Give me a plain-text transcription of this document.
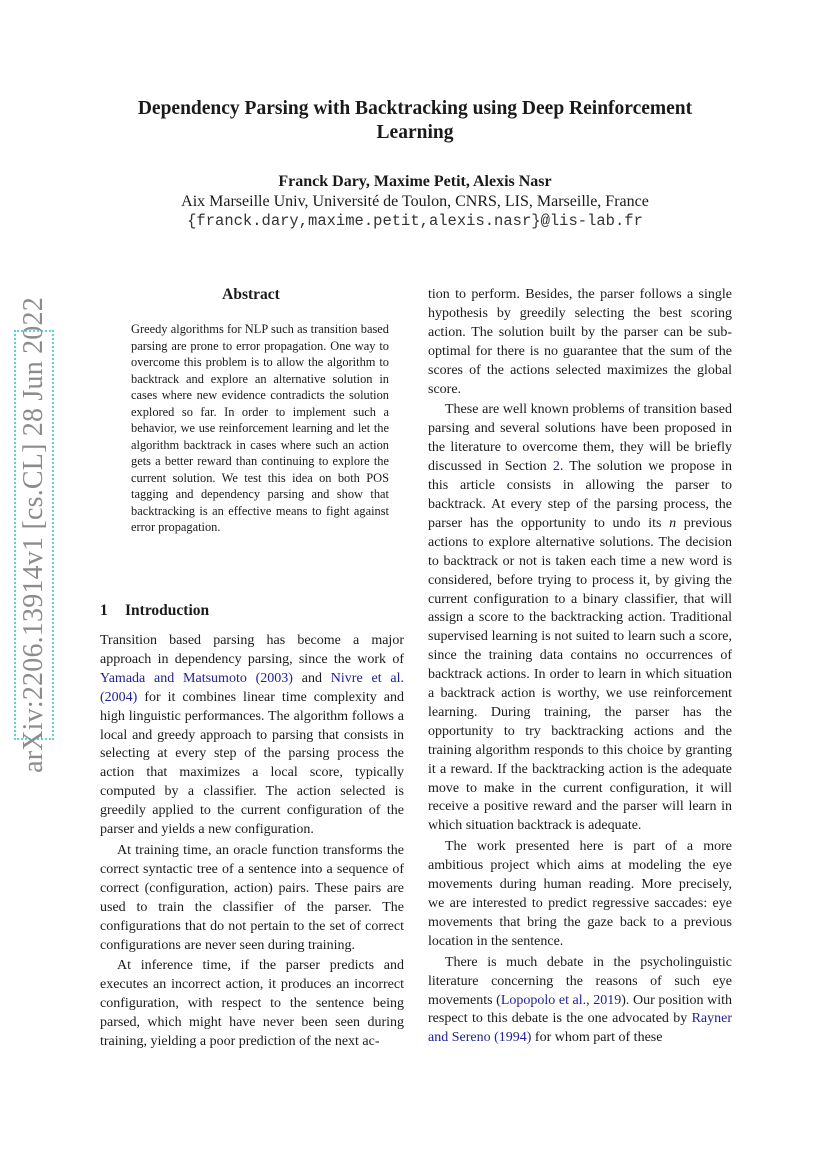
arXiv:2206.13914v1 [cs.CL] 28 Jun 2022
Dependency Parsing with Backtracking using Deep Reinforcement Learning
Franck Dary, Maxime Petit, Alexis Nasr
Aix Marseille Univ, Université de Toulon, CNRS, LIS, Marseille, France
{franck.dary,maxime.petit,alexis.nasr}@lis-lab.fr
Abstract

Greedy algorithms for NLP such as transition based parsing are prone to error propagation. One way to overcome this problem is to allow the algorithm to backtrack and explore an alternative solution in cases where new evidence contradicts the solution explored so far. In order to implement such a behavior, we use reinforcement learning and let the algorithm backtrack in cases where such an action gets a better reward than continuing to explore the current solution. We test this idea on both POS tagging and dependency parsing and show that backtracking is an effective means to fight against error propagation.

1 Introduction

Transition based parsing has become a major approach in dependency parsing, since the work of Yamada and Matsumoto (2003) and Nivre et al. (2004) for it combines linear time complexity and high linguistic performances. The algorithm follows a local and greedy approach to parsing that consists in selecting at every step of the parsing process the action that maximizes a local score, typically computed by a classifier. The action selected is greedily applied to the current configuration of the parser and yields a new configuration.

At training time, an oracle function transforms the correct syntactic tree of a sentence into a sequence of correct (configuration, action) pairs. These pairs are used to train the classifier of the parser. The configurations that do not pertain to the set of correct configurations are never seen during training.

At inference time, if the parser predicts and executes an incorrect action, it produces an incorrect configuration, with respect to the sentence being parsed, which might have never been seen during training, yielding a poor prediction of the next ac-

tion to perform. Besides, the parser follows a single hypothesis by greedily selecting the best scoring action. The solution built by the parser can be sub-optimal for there is no guarantee that the sum of the scores of the actions selected maximizes the global score.

These are well known problems of transition based parsing and several solutions have been proposed in the literature to overcome them, they will be briefly discussed in Section 2. The solution we propose in this article consists in allowing the parser to backtrack. At every step of the parsing process, the parser has the opportunity to undo its n previous actions to explore alternative solutions. The decision to backtrack or not is taken each time a new word is considered, before trying to process it, by giving the current configuration to a binary classifier, that will assign a score to the backtracking action. Traditional supervised learning is not suited to learn such a score, since the training data contains no occurrences of backtrack actions. In order to learn in which situation a backtrack action is worthy, we use reinforcement learning. During training, the parser has the opportunity to try backtracking actions and the training algorithm responds to this choice by granting it a reward. If the backtracking action is the adequate move to make in the current configuration, it will receive a positive reward and the parser will learn in which situation backtrack is adequate.

The work presented here is part of a more ambitious project which aims at modeling the eye movements during human reading. More precisely, we are interested to predict regressive saccades: eye movements that bring the gaze back to a previous location in the sentence.

There is much debate in the psycholinguistic literature concerning the reasons of such eye movements (Lopopolo et al., 2019). Our position with respect to this debate is the one advocated by Rayner and Sereno (1994) for whom part of these
